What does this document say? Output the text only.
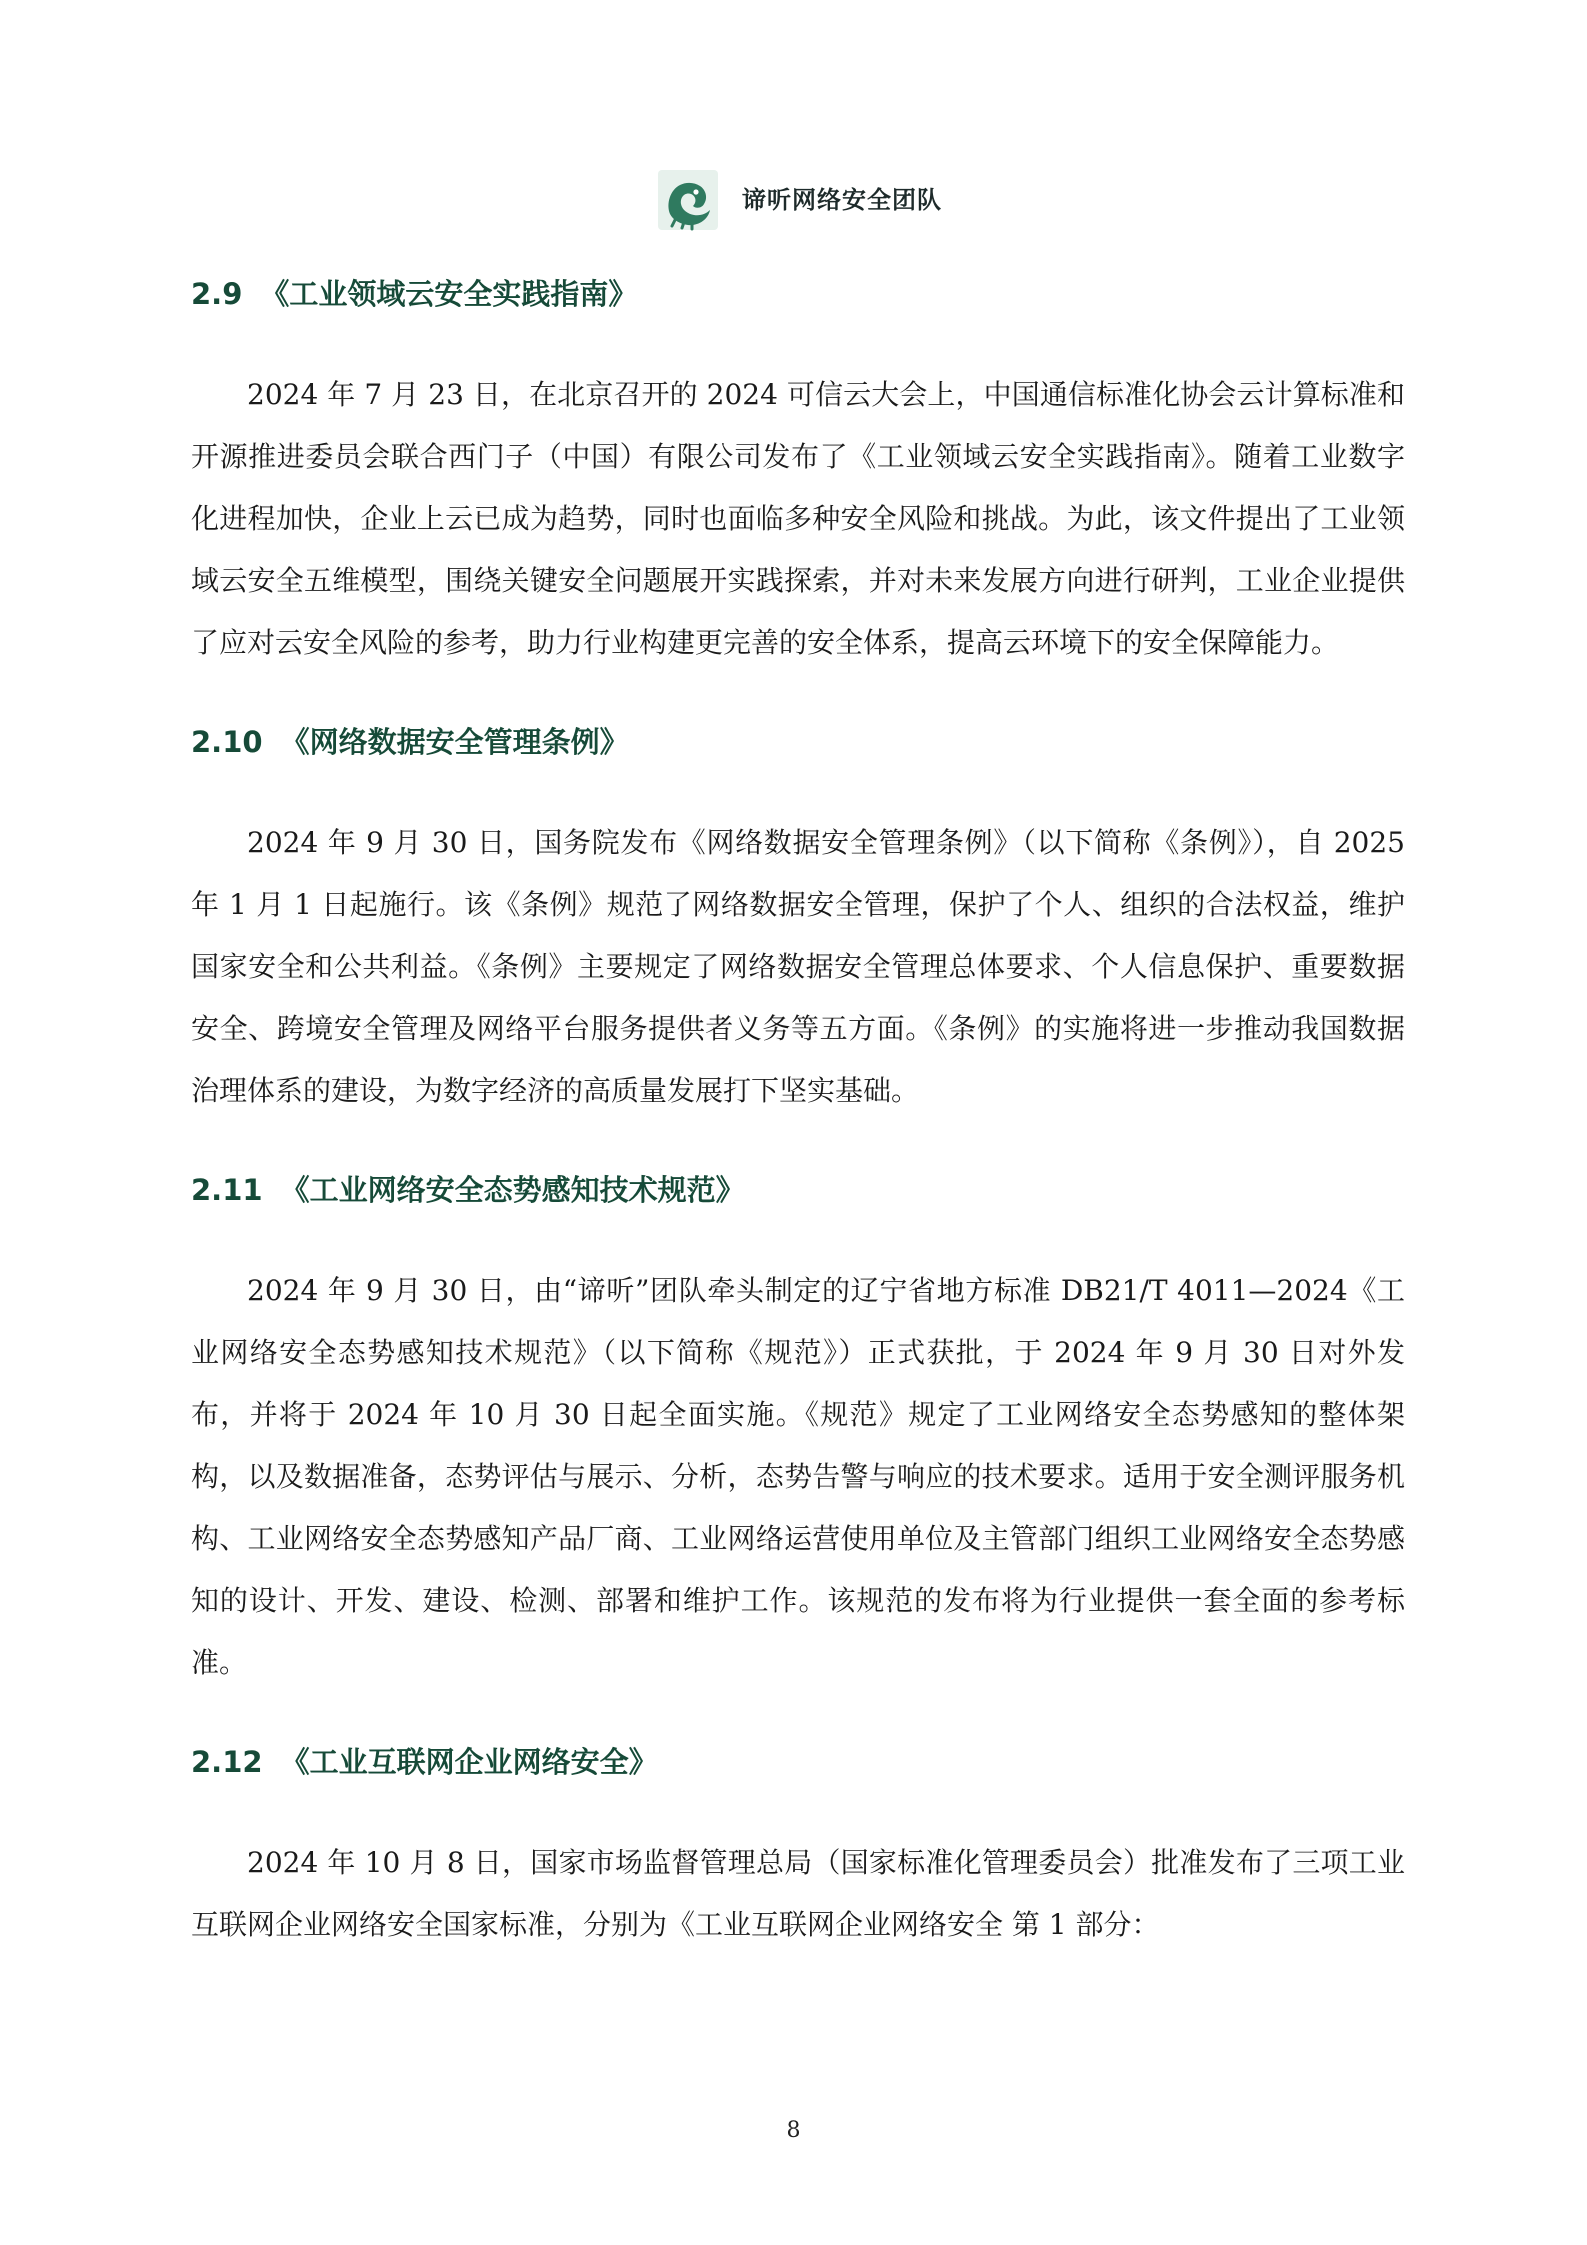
谛听网络安全团队
2.9 《工业领域云安全实践指南》

2024 年 7 月 23 日，在北京召开的 2024 可信云大会上，中国通信标准化协会云计算标准和开源推进委员会联合西门子（中国）有限公司发布了《工业领域云安全实践指南》。随着工业数字化进程加快，企业上云已成为趋势，同时也面临多种安全风险和挑战。为此，该文件提出了工业领域云安全五维模型，围绕关键安全问题展开实践探索，并对未来发展方向进行研判，工业企业提供了应对云安全风险的参考，助力行业构建更完善的安全体系，提高云环境下的安全保障能力。

2.10 《网络数据安全管理条例》

2024 年 9 月 30 日，国务院发布《网络数据安全管理条例》（以下简称《条例》），自 2025 年 1 月 1 日起施行。该《条例》规范了网络数据安全管理，保护了个人、组织的合法权益，维护国家安全和公共利益。《条例》主要规定了网络数据安全管理总体要求、个人信息保护、重要数据安全、跨境安全管理及网络平台服务提供者义务等五方面。《条例》的实施将进一步推动我国数据治理体系的建设，为数字经济的高质量发展打下坚实基础。

2.11 《工业网络安全态势感知技术规范》

2024 年 9 月 30 日，由“谛听”团队牵头制定的辽宁省地方标准 DB21/T 4011—2024《工业网络安全态势感知技术规范》（以下简称《规范》）正式获批，于 2024 年 9 月 30 日对外发布，并将于 2024 年 10 月 30 日起全面实施。《规范》规定了工业网络安全态势感知的整体架构，以及数据准备，态势评估与展示、分析，态势告警与响应的技术要求。适用于安全测评服务机构、工业网络安全态势感知产品厂商、工业网络运营使用单位及主管部门组织工业网络安全态势感知的设计、开发、建设、检测、部署和维护工作。该规范的发布将为行业提供一套全面的参考标准。

2.12 《工业互联网企业网络安全》

2024 年 10 月 8 日，国家市场监督管理总局（国家标准化管理委员会）批准发布了三项工业互联网企业网络安全国家标准，分别为《工业互联网企业网络安全 第 1 部分：

8
